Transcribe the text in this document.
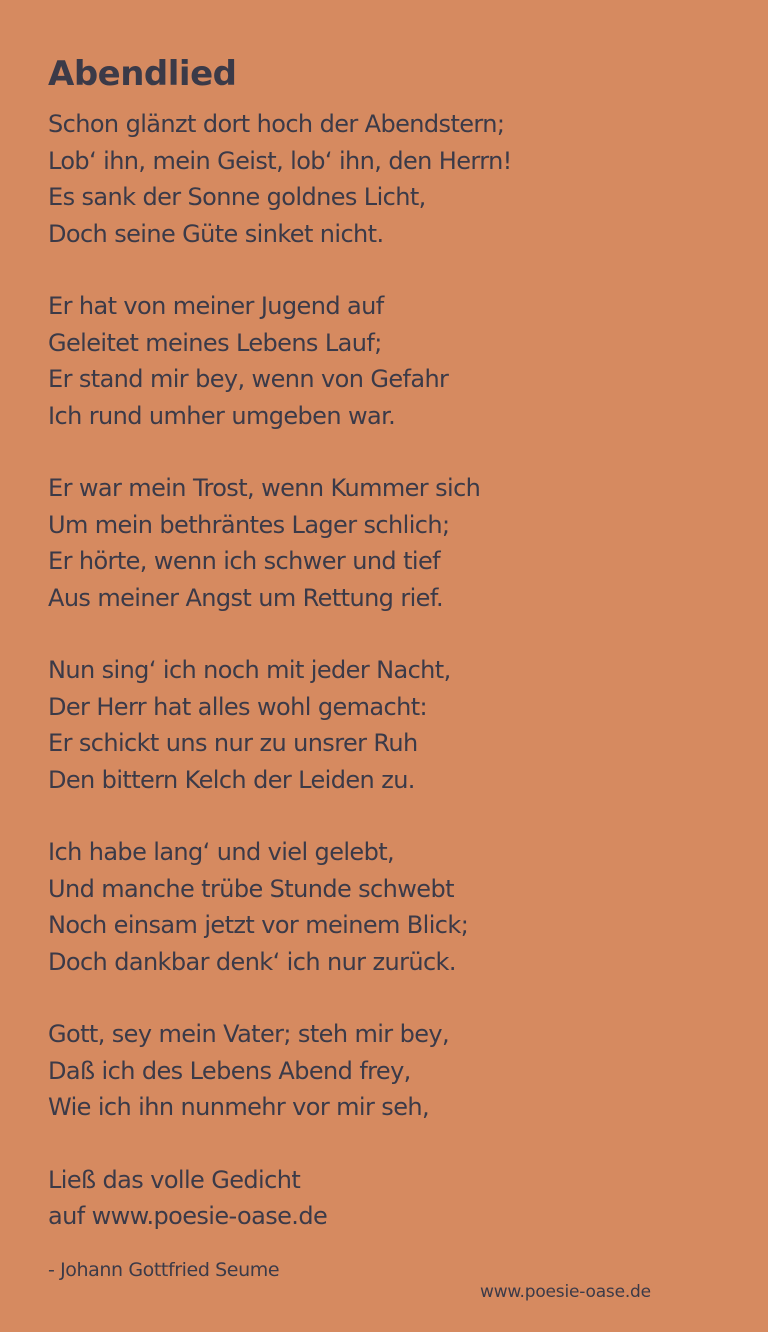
Abendlied
Schon glänzt dort hoch der Abendstern;
Lob‘ ihn, mein Geist, lob‘ ihn, den Herrn!
Es sank der Sonne goldnes Licht,
Doch seine Güte sinket nicht.
Er hat von meiner Jugend auf
Geleitet meines Lebens Lauf;
Er stand mir bey, wenn von Gefahr
Ich rund umher umgeben war.
Er war mein Trost, wenn Kummer sich
Um mein bethräntes Lager schlich;
Er hörte, wenn ich schwer und tief
Aus meiner Angst um Rettung rief.
Nun sing‘ ich noch mit jeder Nacht,
Der Herr hat alles wohl gemacht:
Er schickt uns nur zu unsrer Ruh
Den bittern Kelch der Leiden zu.
Ich habe lang‘ und viel gelebt,
Und manche trübe Stunde schwebt
Noch einsam jetzt vor meinem Blick;
Doch dankbar denk‘ ich nur zurück.
Gott, sey mein Vater; steh mir bey,
Daß ich des Lebens Abend frey,
Wie ich ihn nunmehr vor mir seh,
Ließ das volle Gedicht
auf www.poesie-oase.de
- Johann Gottfried Seume
www.poesie-oase.de
